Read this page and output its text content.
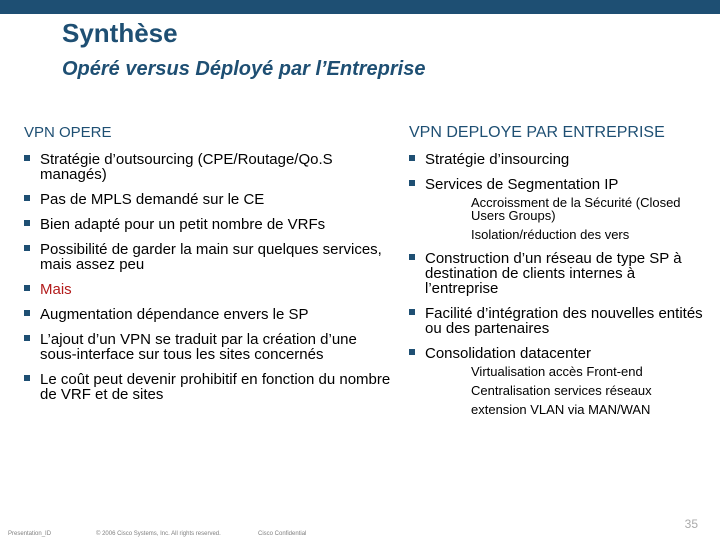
Synthèse
Opéré versus Déployé par l’Entreprise
VPN OPERE
Stratégie d’outsourcing (CPE/Routage/Qo.S managés)
Pas de MPLS demandé sur le CE
Bien adapté pour un petit nombre de VRFs
Possibilité de garder la main sur quelques services, mais assez peu
Mais
Augmentation dépendance envers le SP
L’ajout d’un VPN se traduit par la création d’une sous-interface sur tous les sites concernés
Le coût peut devenir prohibitif en fonction du nombre de VRF et de sites
VPN DEPLOYE PAR ENTREPRISE
Stratégie d’insourcing
Services de Segmentation IP
Accroissment de la Sécurité (Closed Users Groups)
Isolation/réduction des vers
Construction d’un réseau de type SP à destination de clients internes à l’entreprise
Facilité d’intégration des nouvelles entités ou des partenaires
Consolidation datacenter
Virtualisation accès Front-end
Centralisation services réseaux
extension VLAN via MAN/WAN
Presentation_ID	© 2006 Cisco Systems, Inc. All rights reserved.	Cisco Confidential
35
